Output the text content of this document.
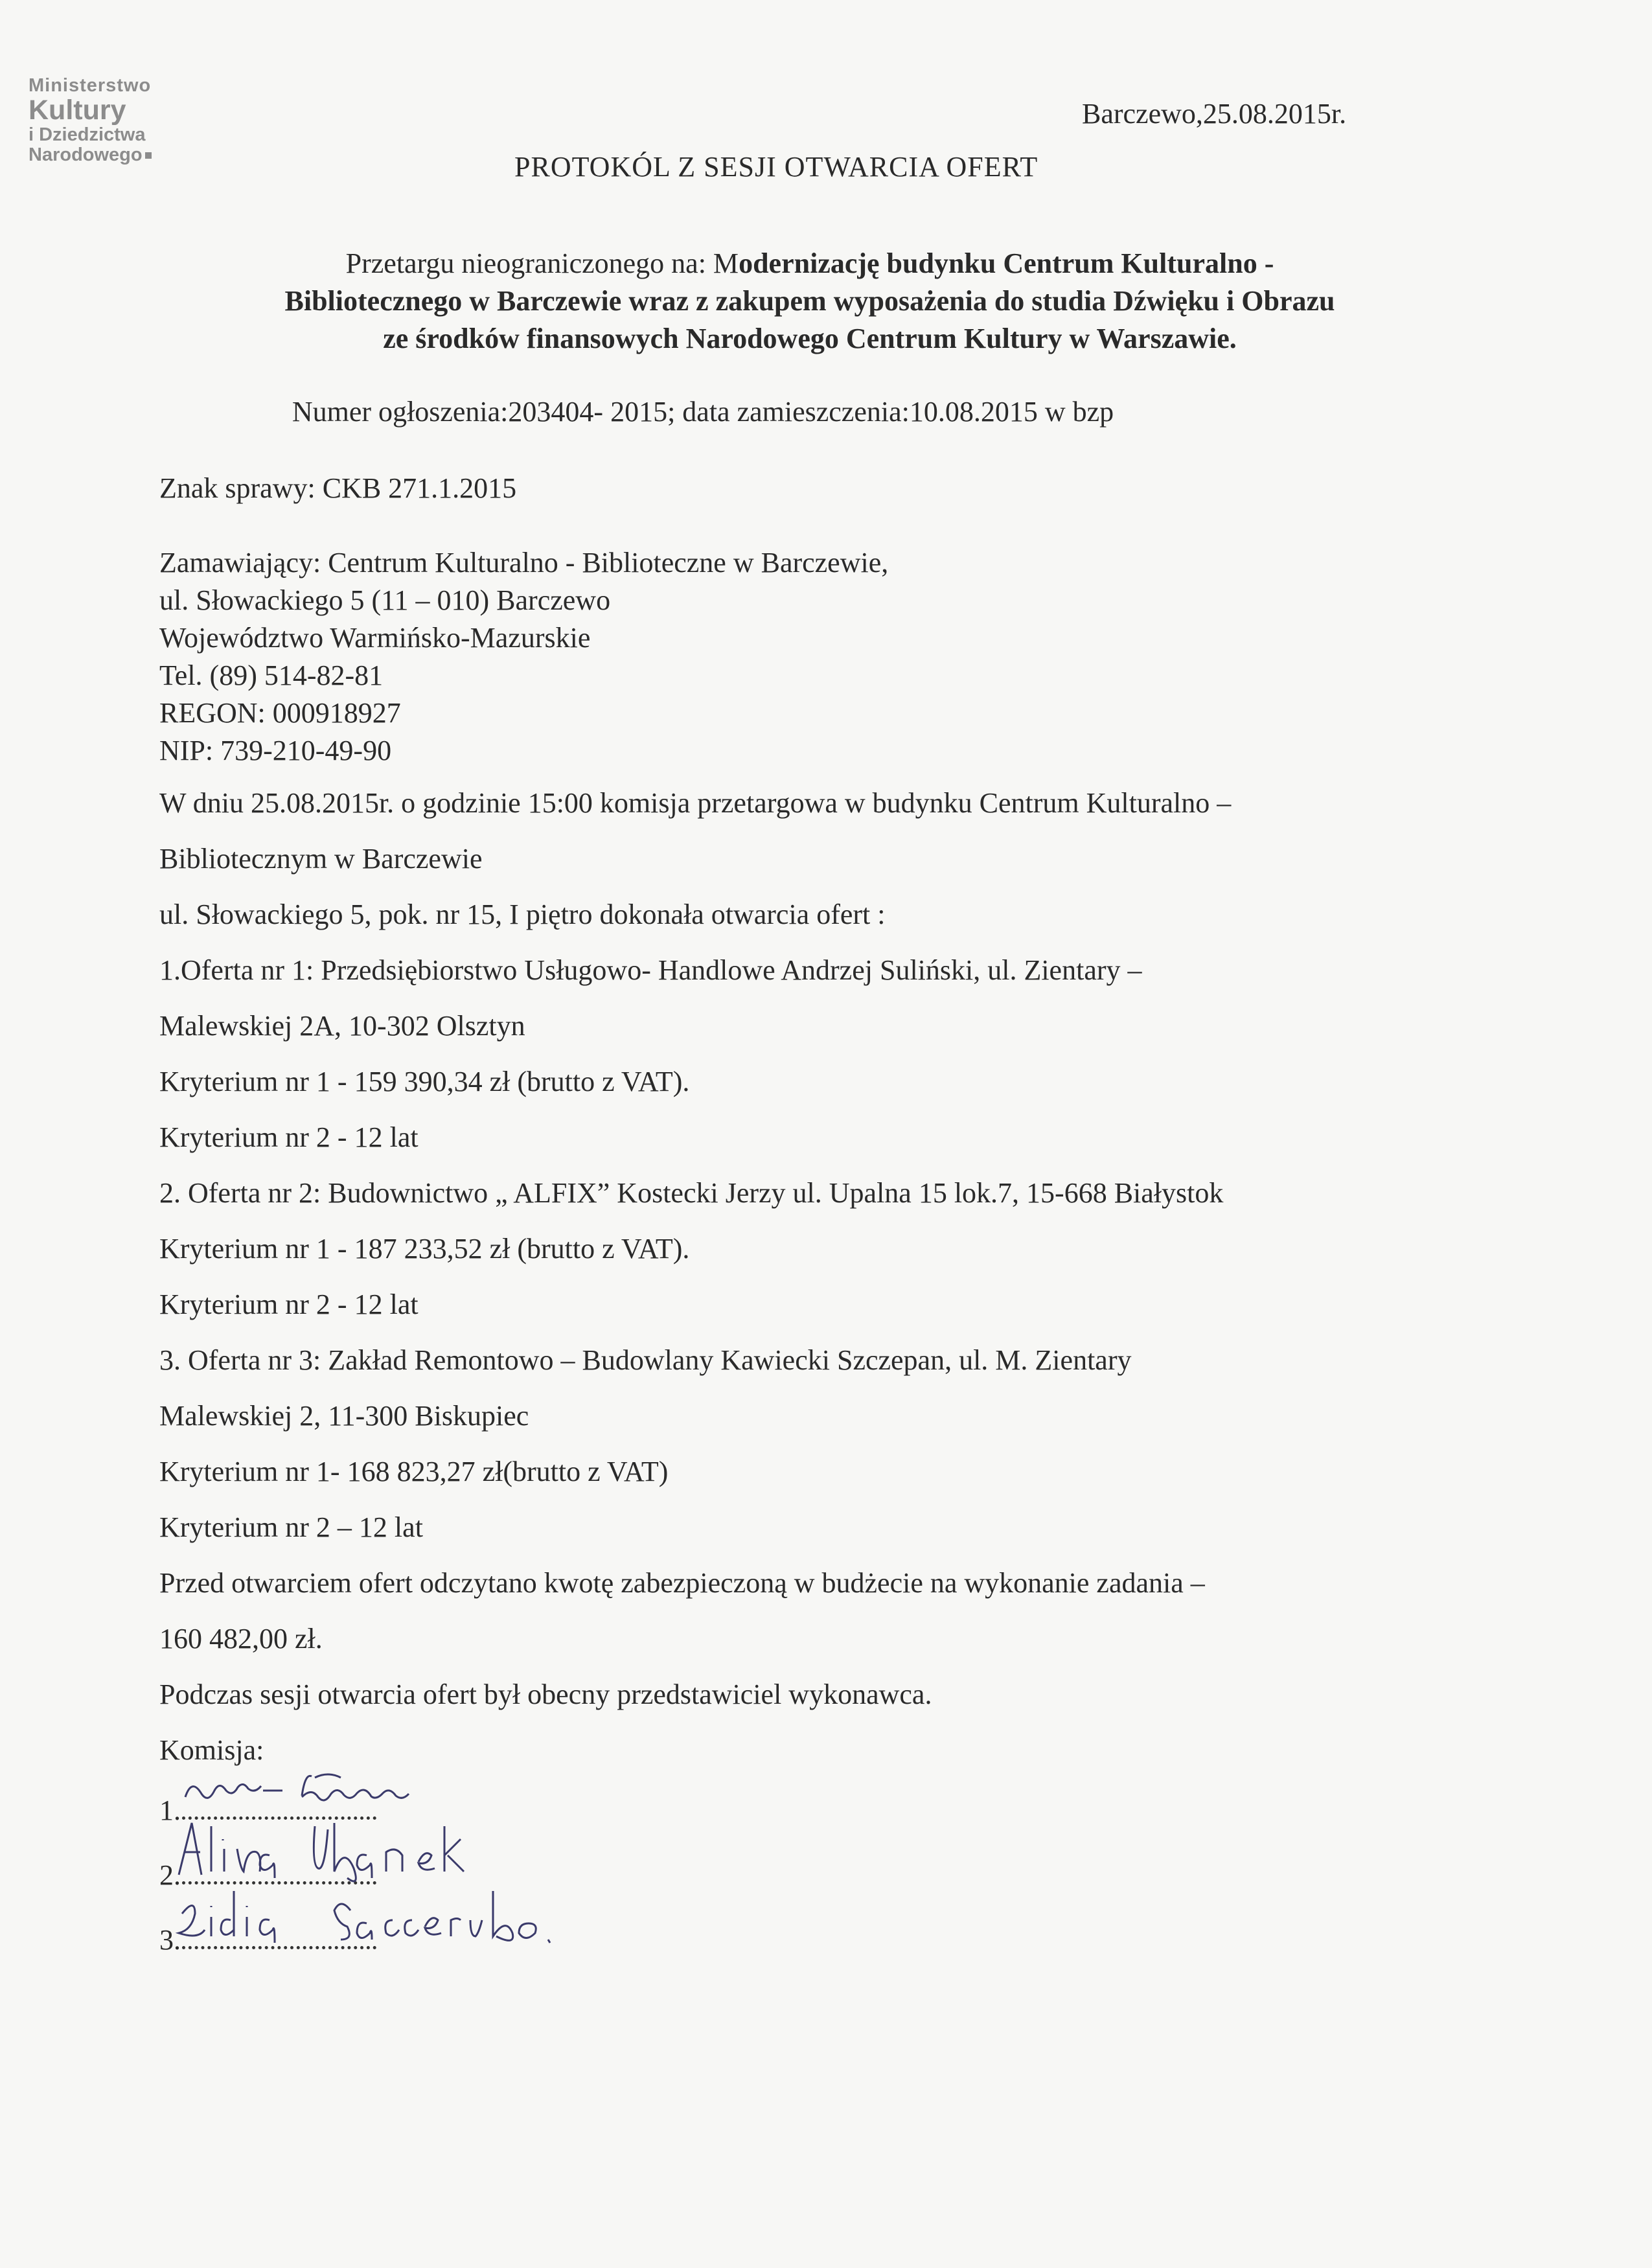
Ministerstwo
Kultury
i Dziedzictwa
Narodowego
Barczewo,25.08.2015r.
PROTOKÓL Z SESJI OTWARCIA OFERT
Przetargu nieograniczonego na: Modernizację budynku Centrum Kulturalno -
Bibliotecznego w Barczewie wraz z zakupem wyposażenia do studia Dźwięku i Obrazu
ze środków finansowych Narodowego Centrum Kultury w Warszawie.
Numer ogłoszenia:203404- 2015; data zamieszczenia:10.08.2015 w bzp
Znak sprawy: CKB 271.1.2015
Zamawiający: Centrum Kulturalno - Biblioteczne w Barczewie,
ul. Słowackiego 5 (11 – 010) Barczewo
Województwo Warmińsko-Mazurskie
Tel. (89) 514-82-81
REGON: 000918927
NIP: 739-210-49-90
W dniu 25.08.2015r. o godzinie 15:00 komisja przetargowa w budynku Centrum Kulturalno –
Bibliotecznym w Barczewie
ul. Słowackiego 5, pok. nr 15, I piętro dokonała otwarcia ofert :
1.Oferta nr 1: Przedsiębiorstwo Usługowo- Handlowe Andrzej Suliński, ul. Zientary –
Malewskiej 2A, 10-302 Olsztyn
Kryterium nr 1 - 159 390,34 zł (brutto z VAT).
Kryterium nr 2 - 12 lat
2. Oferta nr 2: Budownictwo „ ALFIX” Kostecki Jerzy ul. Upalna 15 lok.7, 15-668 Białystok
Kryterium nr 1 - 187 233,52 zł (brutto z VAT).
Kryterium nr 2 - 12 lat
3. Oferta nr 3: Zakład Remontowo – Budowlany Kawiecki Szczepan, ul. M. Zientary
Malewskiej 2, 11-300 Biskupiec
Kryterium nr 1- 168 823,27 zł(brutto z VAT)
Kryterium nr 2 – 12 lat
Przed otwarciem ofert odczytano kwotę zabezpieczoną w budżecie na wykonanie zadania –
160 482,00 zł.
Podczas sesji otwarcia ofert był obecny przedstawiciel wykonawca.
Komisja:
1.
2.
3.
